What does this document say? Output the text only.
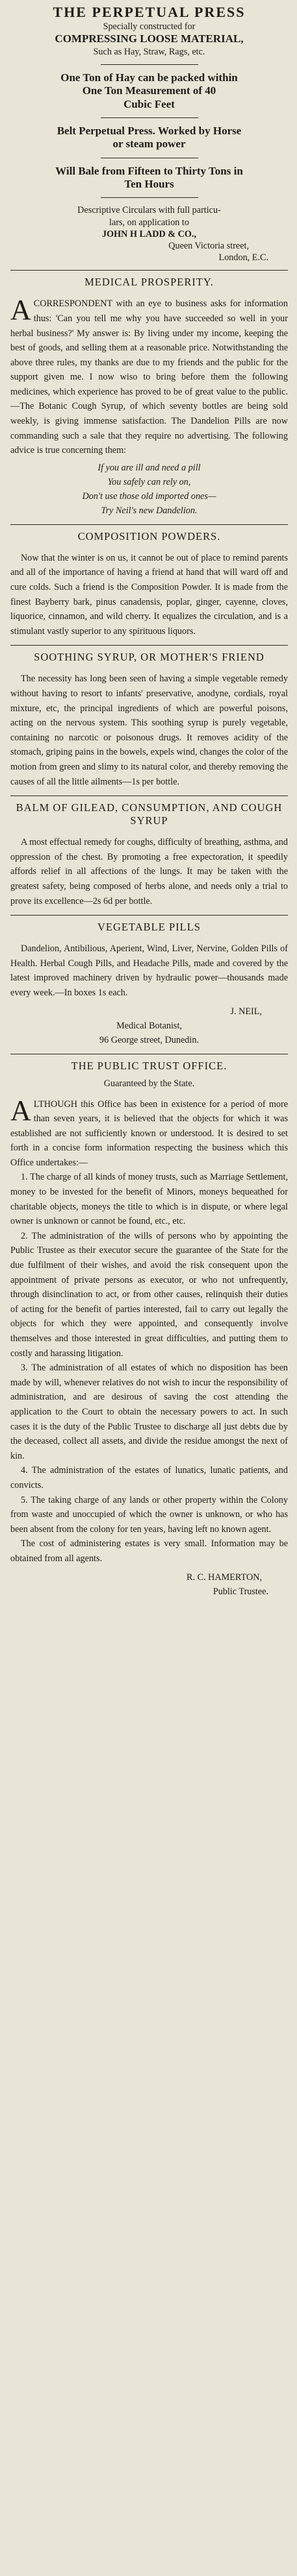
THE PERPETUAL PRESS
Specially constructed for
COMPRESSING LOOSE MATERIAL,
Such as Hay, Straw, Rags, etc.
One Ton of Hay can be packed within
One Ton Measurement of 40
Cubic Feet
Belt Perpetual Press. Worked by Horse
or steam power
Will Bale from Fifteen to Thirty Tons in
Ten Hours
Descriptive Circulars with full particu-
lars, on application to
JOHN H LADD & CO.,
Queen Victoria street,
London, E.C.
MEDICAL PROSPERITY.
ACORRESPONDENT with an eye to business asks for information thus: 'Can you tell me why you have succeeded so well in your herbal business?' My answer is: By living under my income, keeping the best of goods, and selling them at a reasonable price. Notwithstanding the above three rules, my thanks are due to my friends and the public for the support given me. I now wiso to bring before them the following medicines, which experience has proved to be of great value to the public.—The Botanic Cough Syrup, of which seventy bottles are being sold weekly, is giving immense satisfaction. The Dandelion Pills are now commanding such a sale that they require no advertising. The following advice is true concerning them:
If you are ill and need a pill
You safely can rely on,
Don't use those old imported ones—
Try Neil's new Dandelion.
COMPOSITION POWDERS.

Now that the winter is on us, it cannot be out of place to remind parents and all of the importance of having a friend at hand that will ward off and cure colds. Such a friend is the Composition Powder. It is made from the finest Bayberry bark, pinus canadensis, poplar, ginger, cayenne, cloves, liquorice, cinnamon, and wild cherry. It equalizes the circulation, and is a stimulant vastly superior to any spirituous liquors.

SOOTHING SYRUP, OR MOTHER'S FRIEND

The necessity has long been seen of having a simple vegetable remedy without having to resort to infants' preservative, anodyne, cordials, royal mixture, etc, the principal ingredients of which are powerful poisons, acting on the nervous system. This soothing syrup is purely vegetable, containing no narcotic or poisonous drugs. It removes acidity of the stomach, griping pains in the bowels, expels wind, changes the color of the motion from green and slimy to its natural color, and thereby removing the causes of all the little ailments—1s per bottle.

BALM OF GILEAD, CONSUMPTION, AND COUGH SYRUP

A most effectual remedy for coughs, difficulty of breathing, asthma, and oppression of the chest. By promoting a free expectoration, it speedily affords relief in all affections of the lungs. It may be taken with the greatest safety, being composed of herbs alone, and needs only a trial to prove its excellence—2s 6d per bottle.

VEGETABLE PILLS

Dandelion, Antibilious, Aperient, Wind, Liver, Nervine, Golden Pills of Health. Herbal Cough Pills, and Headache Pills, made and covered by the latest improved machinery driven by hydraulic power—thousands made every week.—In boxes 1s each.

J. NEIL,
Medical Botanist,
96 George street, Dunedin.
THE PUBLIC TRUST OFFICE.
Guaranteed by the State.
ALTHOUGH this Office has been in existence for a period of more than seven years, it is believed that the objects for which it was established are not sufficiently known or understood. It is desired to set forth in a concise form information respecting the business which this Office undertakes:—

1. The charge of all kinds of money trusts, such as Marriage Settlement, money to be invested for the benefit of Minors, moneys bequeathed for charitable objects, moneys the title to which is in dispute, or where legal owner is unknown or cannot be found, etc., etc.

2. The administration of the wills of persons who by appointing the Public Trustee as their executor secure the guarantee of the State for the due fulfilment of their wishes, and avoid the risk consequent upon the appointment of private persons as executor, or who not unfrequently, through disinclination to act, or from other causes, relinquish their duties of acting for the benefit of parties interested, fail to carry out legally the objects for which they were appointed, and consequently involve themselves and those interested in great difficulties, and putting them to costly and harassing litigation.

3. The administration of all estates of which no disposition has been made by will, whenever relatives do not wish to incur the responsibility of administration, and are desirous of saving the cost attending the application to the Court to obtain the necessary powers to act. In such cases it is the duty of the Public Trustee to discharge all just debts due by the deceased, collect all assets, and divide the residue amongst the next of kin.

4. The administration of the estates of lunatics, lunatic patients, and convicts.

5. The taking charge of any lands or other property within the Colony from waste and unoccupied of which the owner is unknown, or who has been absent from the colony for ten years, having left no known agent.

The cost of administering estates is very small. Information may be obtained from all agents.

R. C. HAMERTON,
Public Trustee.
